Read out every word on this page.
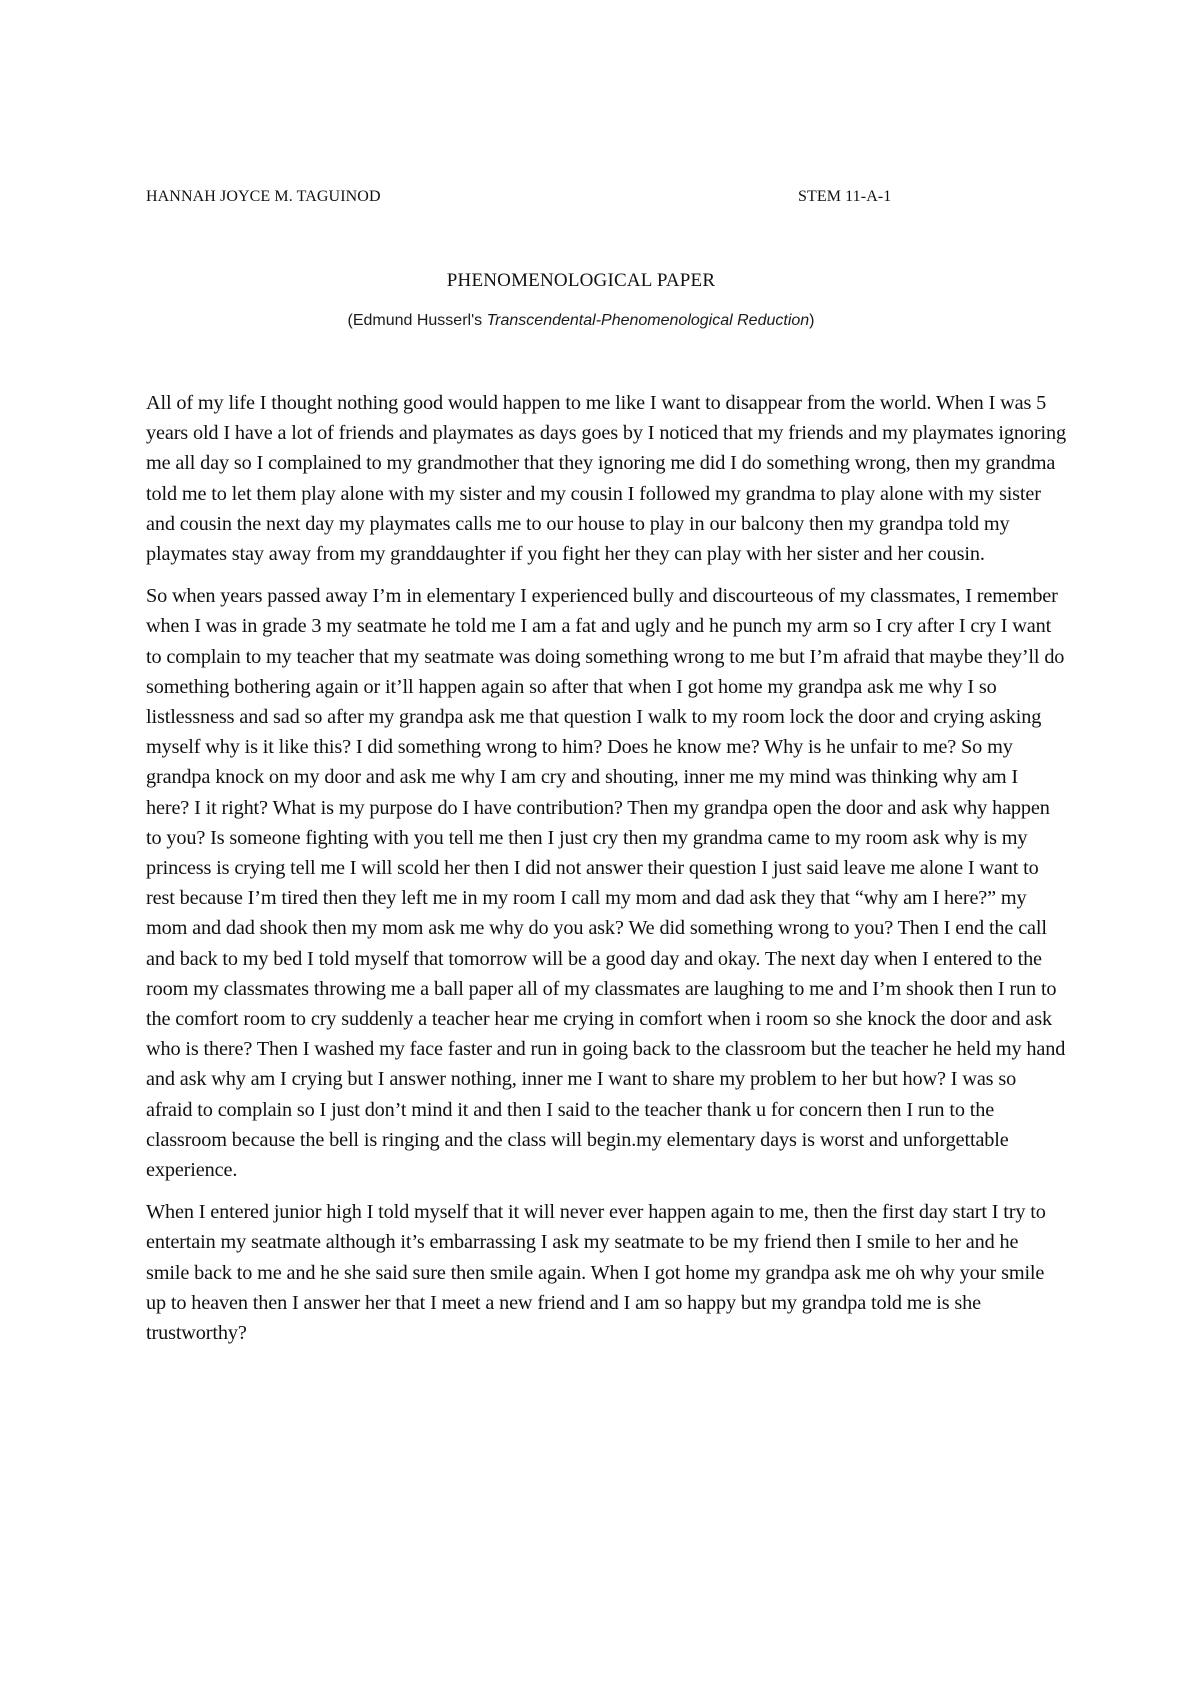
HANNAH JOYCE M. TAGUINOD	STEM 11-A-1
PHENOMENOLOGICAL PAPER
(Edmund Husserl's Transcendental-Phenomenological Reduction)

All of my life I thought nothing good would happen to me like I want to disappear from the world. When I was 5 years old I have a lot of friends and playmates as days goes by I noticed that my friends and my playmates ignoring me all day so I complained to my grandmother that they ignoring me did I do something wrong, then my grandma told me to let them play alone with my sister and my cousin I followed my grandma to play alone with my sister and cousin the next day my playmates calls me to our house to play in our balcony then my grandpa told my playmates stay away from my granddaughter if you fight her they can play with her sister and her cousin.

So when years passed away I’m in elementary I experienced bully and discourteous of my classmates, I remember when I was in grade 3 my seatmate he told me I am a fat and ugly and he punch my arm so I cry after I cry I want to complain to my teacher that my seatmate was doing something wrong to me but I’m afraid that maybe they’ll do something bothering again or it’ll happen again so after that when I got home my grandpa ask me why I so listlessness and sad so after my grandpa ask me that question I walk to my room lock the door and crying asking myself why is it like this? I did something wrong to him? Does he know me? Why is he unfair to me? So my grandpa knock on my door and ask me why I am cry and shouting, inner me my mind was thinking why am I here? I it right? What is my purpose do I have contribution? Then my grandpa open the door and ask why happen to you? Is someone fighting with you tell me then I just cry then my grandma came to my room ask why is my princess is crying tell me I will scold her then I did not answer their question I just said leave me alone I want to rest because I’m tired then they left me in my room I call my mom and dad ask they that “why am I here?” my mom and dad shook then my mom ask me why do you ask? We did something wrong to you? Then I end the call and back to my bed I told myself that tomorrow will be a good day and okay. The next day when I entered to the room my classmates throwing me a ball paper all of my classmates are laughing to me and I’m shook then I run to the comfort room to cry suddenly a teacher hear me crying in comfort when i room so she knock the door and ask who is there? Then I washed my face faster and run in going back to the classroom but the teacher he held my hand and ask why am I crying but I answer nothing, inner me I want to share my problem to her but how? I was so afraid to complain so I just don’t mind it and then I said to the teacher thank u for concern then I run to the classroom because the bell is ringing and the class will begin.my elementary days is worst and unforgettable experience.

When I entered junior high I told myself that it will never ever happen again to me, then the first day start I try to entertain my seatmate although it’s embarrassing I ask my seatmate to be my friend then I smile to her and he smile back to me and he she said sure then smile again. When I got home my grandpa ask me oh why your smile up to heaven then I answer her that I meet a new friend and I am so happy but my grandpa told me is she trustworthy?
